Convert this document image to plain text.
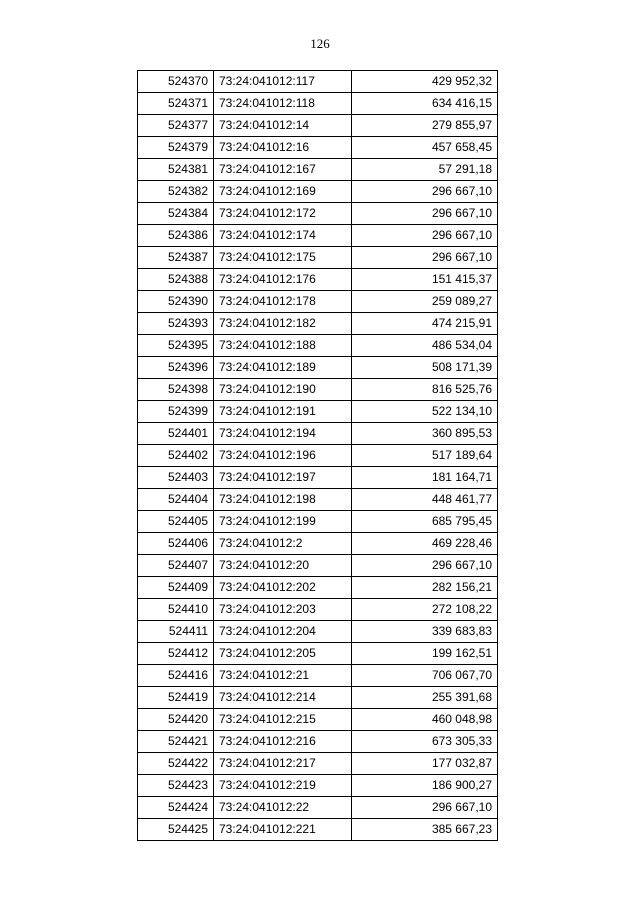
126
524370	73:24:041012:117	429 952,32
524371	73:24:041012:118	634 416,15
524377	73:24:041012:14	279 855,97
524379	73:24:041012:16	457 658,45
524381	73:24:041012:167	57 291,18
524382	73:24:041012:169	296 667,10
524384	73:24:041012:172	296 667,10
524386	73:24:041012:174	296 667,10
524387	73:24:041012:175	296 667,10
524388	73:24:041012:176	151 415,37
524390	73:24:041012:178	259 089,27
524393	73:24:041012:182	474 215,91
524395	73:24:041012:188	486 534,04
524396	73:24:041012:189	508 171,39
524398	73:24:041012:190	816 525,76
524399	73:24:041012:191	522 134,10
524401	73:24:041012:194	360 895,53
524402	73:24:041012:196	517 189,64
524403	73:24:041012:197	181 164,71
524404	73:24:041012:198	448 461,77
524405	73:24:041012:199	685 795,45
524406	73:24:041012:2	469 228,46
524407	73:24:041012:20	296 667,10
524409	73:24:041012:202	282 156,21
524410	73:24:041012:203	272 108,22
524411	73:24:041012:204	339 683,83
524412	73:24:041012:205	199 162,51
524416	73:24:041012:21	706 067,70
524419	73:24:041012:214	255 391,68
524420	73:24:041012:215	460 048,98
524421	73:24:041012:216	673 305,33
524422	73:24:041012:217	177 032,87
524423	73:24:041012:219	186 900,27
524424	73:24:041012:22	296 667,10
524425	73:24:041012:221	385 667,23
